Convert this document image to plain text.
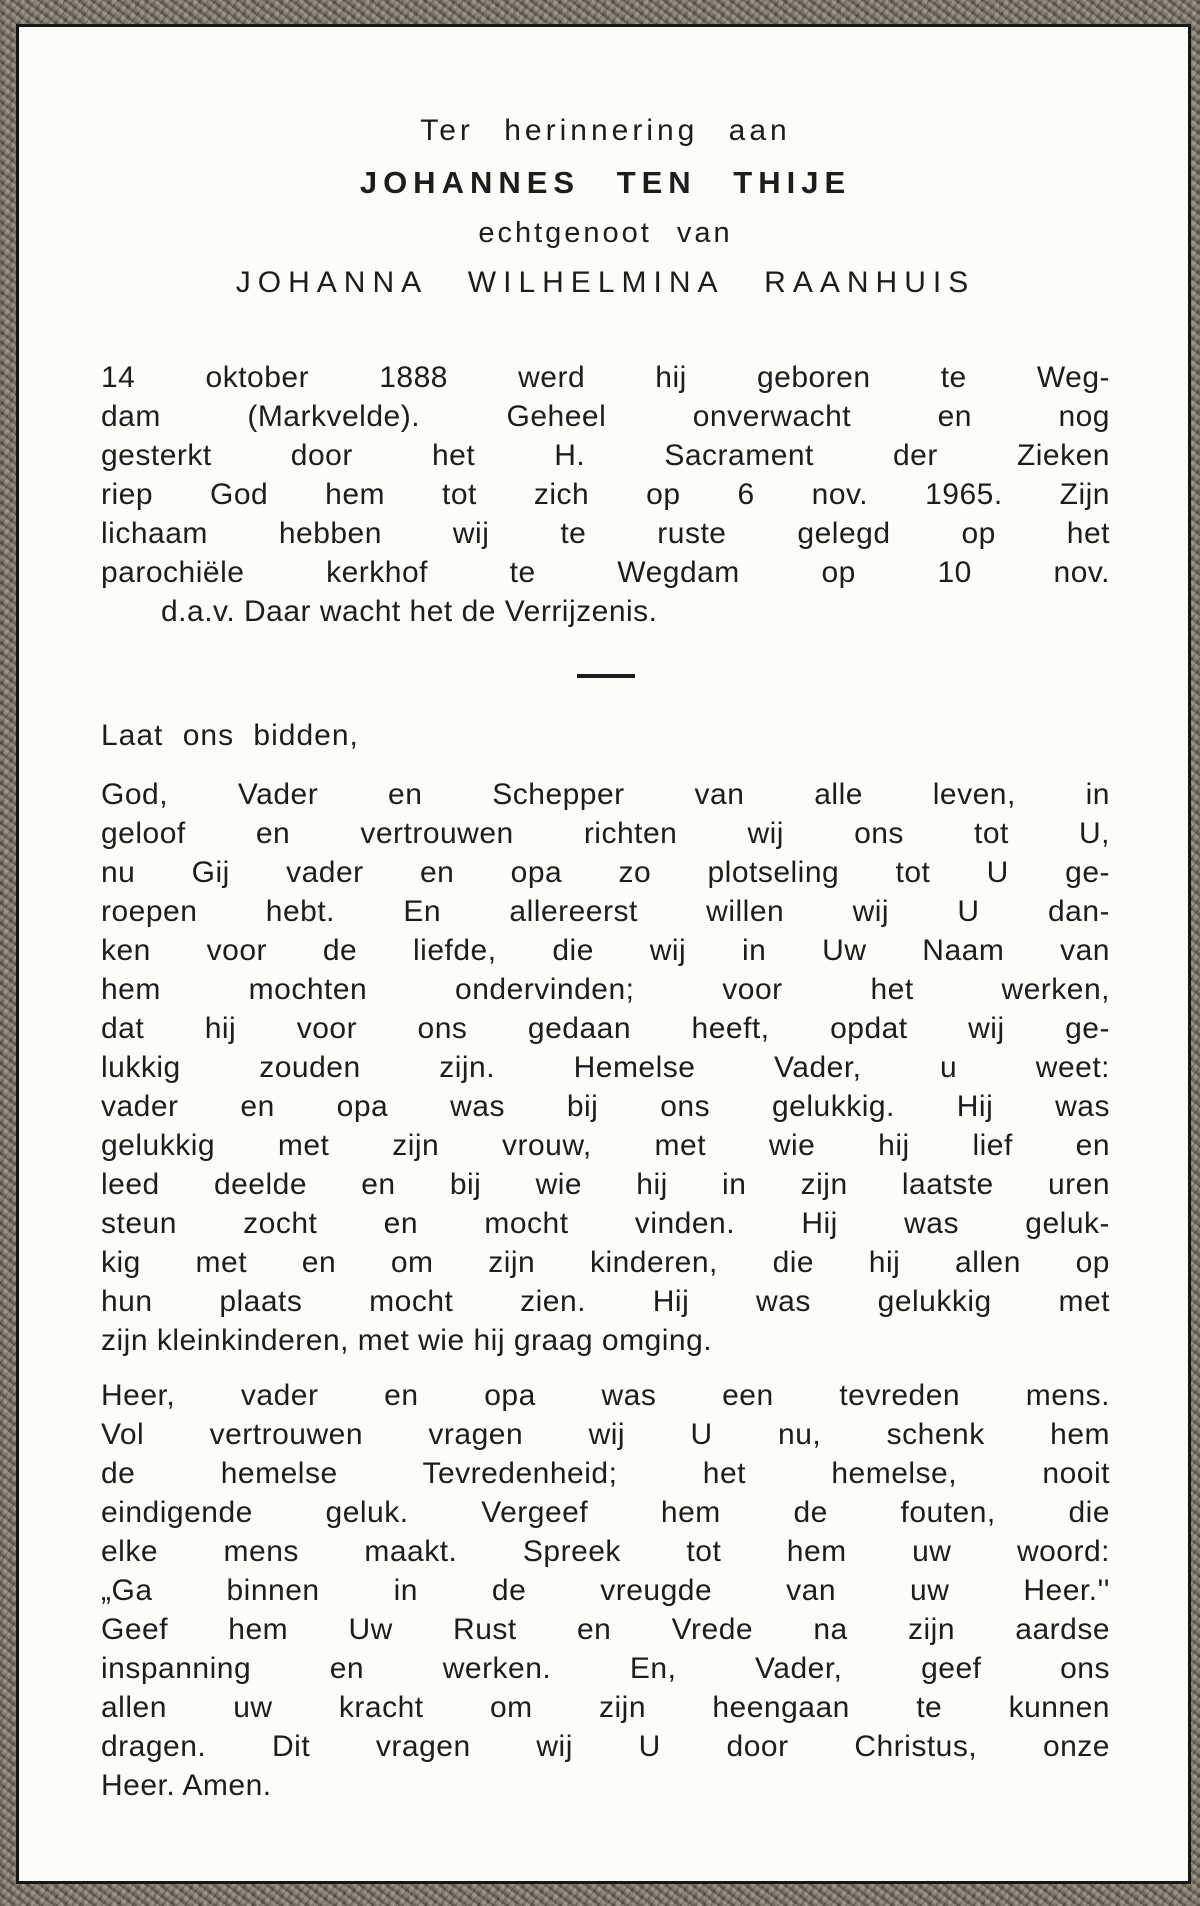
Ter herinnering aan
JOHANNES TEN THIJE
echtgenoot van
JOHANNA WILHELMINA RAANHUIS
14 oktober 1888 werd hij geboren te Weg-
dam (Markvelde). Geheel onverwacht en nog
gesterkt door het H. Sacrament der Zieken
riep God hem tot zich op 6 nov. 1965. Zijn
lichaam hebben wij te ruste gelegd op het
parochiële kerkhof te Wegdam op 10 nov.
d.a.v. Daar wacht het de Verrijzenis.
Laat ons bidden,
God, Vader en Schepper van alle leven, in
geloof en vertrouwen richten wij ons tot U,
nu Gij vader en opa zo plotseling tot U ge-
roepen hebt. En allereerst willen wij U dan-
ken voor de liefde, die wij in Uw Naam van
hem mochten ondervinden; voor het werken,
dat hij voor ons gedaan heeft, opdat wij ge-
lukkig zouden zijn. Hemelse Vader, u weet:
vader en opa was bij ons gelukkig. Hij was
gelukkig met zijn vrouw, met wie hij lief en
leed deelde en bij wie hij in zijn laatste uren
steun zocht en mocht vinden. Hij was geluk-
kig met en om zijn kinderen, die hij allen op
hun plaats mocht zien. Hij was gelukkig met
zijn kleinkinderen, met wie hij graag omging.
Heer, vader en opa was een tevreden mens.
Vol vertrouwen vragen wij U nu, schenk hem
de hemelse Tevredenheid; het hemelse, nooit
eindigende geluk. Vergeef hem de fouten, die
elke mens maakt. Spreek tot hem uw woord:
„Ga binnen in de vreugde van uw Heer.''
Geef hem Uw Rust en Vrede na zijn aardse
inspanning en werken. En, Vader, geef ons
allen uw kracht om zijn heengaan te kunnen
dragen. Dit vragen wij U door Christus, onze
Heer. Amen.
